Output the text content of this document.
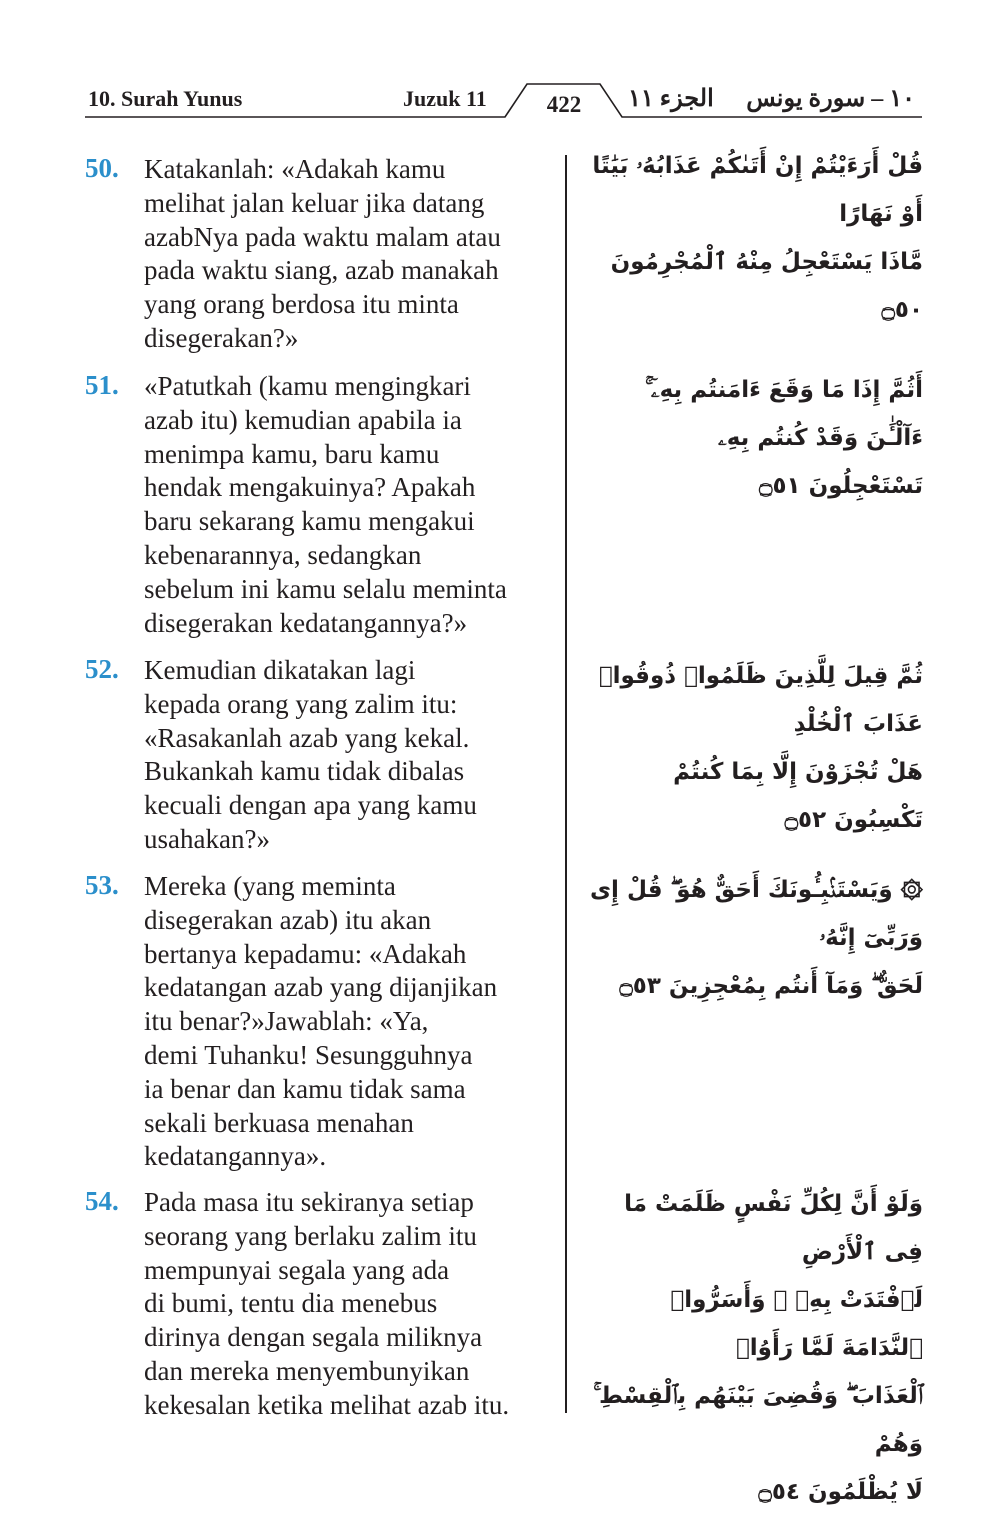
10. Surah Yunus	Juzuk 11	422	الجزء ١١ ١٠ – سورة يونس
50. Katakanlah: «Adakah kamu
melihat jalan keluar jika datang
azabNya pada waktu malam atau
pada waktu siang, azab manakah
yang orang berdosa itu minta
disegerakan?»
قُلْ أَرَءَيْتُمْ إِنْ أَتَىٰكُمْ عَذَابُهُۥ بَيَٰتًا أَوْ نَهَارًا
مَّاذَا يَسْتَعْجِلُ مِنْهُ ٱلْمُجْرِمُونَ ۝٥٠
51. «Patutkah (kamu mengingkari
azab itu) kemudian apabila ia
menimpa kamu, baru kamu
hendak mengakuinya? Apakah
baru sekarang kamu mengakui
kebenarannya, sedangkan
sebelum ini kamu selalu meminta
disegerakan kedatangannya?»
أَثُمَّ إِذَا مَا وَقَعَ ءَامَنتُم بِهِۦٓ ۚ ءَآلْـَٰٔنَ وَقَدْ كُنتُم بِهِۦ
تَسْتَعْجِلُونَ ۝٥١
52. Kemudian dikatakan lagi
kepada orang yang zalim itu:
«Rasakanlah azab yang kekal.
Bukankah kamu tidak dibalas
kecuali dengan apa yang kamu
usahakan?»
ثُمَّ قِيلَ لِلَّذِينَ ظَلَمُوا۟ ذُوقُوا۟ عَذَابَ ٱلْخُلْدِ
هَلْ تُجْزَوْنَ إِلَّا بِمَا كُنتُمْ تَكْسِبُونَ ۝٥٢
53. Mereka (yang meminta
disegerakan azab) itu akan
bertanya kepadamu: «Adakah
kedatangan azab yang dijanjikan
itu benar?»Jawablah: «Ya,
demi Tuhanku! Sesungguhnya
ia benar dan kamu tidak sama
sekali berkuasa menahan
kedatangannya».
۞ وَيَسْتَنۢبِـُٔونَكَ أَحَقٌّ هُوَ ۖ قُلْ إِى وَرَبِّىٓ إِنَّهُۥ
لَحَقٌّ ۖ وَمَآ أَنتُم بِمُعْجِزِينَ ۝٥٣
54. Pada masa itu sekiranya setiap
seorang yang berlaku zalim itu
mempunyai segala yang ada
di bumi, tentu dia menebus
dirinya dengan segala miliknya
dan mereka menyembunyikan
kekesalan ketika melihat azab itu.
وَلَوْ أَنَّ لِكُلِّ نَفْسٍ ظَلَمَتْ مَا فِى ٱلْأَرْضِ
لَٱفْتَدَتْ بِهِۦ ۗ وَأَسَرُّوا۟ ٱلنَّدَامَةَ لَمَّا رَأَوُا۟
ٱلْعَذَابَ ۖ وَقُضِىَ بَيْنَهُم بِٱلْقِسْطِ ۚ وَهُمْ
لَا يُظْلَمُونَ ۝٥٤
